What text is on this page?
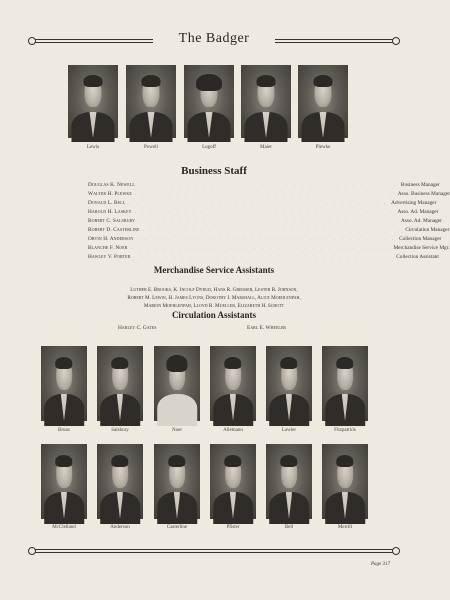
The Badger
Lewis	Powell	Lugoff	Maier	Plewke
Business Staff
Douglas K. Newell . . . . . . . . . . . . . . . . . . . . . . . . . . . . . . . . Business Manager
Walter H. Plewke . . . . . . . . . . . . . . . . . . . . . . . . . . . . . . . . Asso. Business Manager
Donald L. Bell . . . . . . . . . . . . . . . . . . . . . . . . . . . . . . . . Advertising Manager
Harold H. Laskey . . . . . . . . . . . . . . . . . . . . . . . . . . . . . . . . Asso. Ad. Manager
Robert C. Salsbury . . . . . . . . . . . . . . . . . . . . . . . . . . . . . . . . Asso. Ad. Manager
Robert D. Casterline . . . . . . . . . . . . . . . . . . . . . . . . . . . . . . . . Circulation Manager
Orvin H. Anderson . . . . . . . . . . . . . . . . . . . . . . . . . . . . . . . . Collection Manager
Blanche F. Noer . . . . . . . . . . . . . . . . . . . . . . . . . . . . . . . . Merchandise Service Mgr.
Hawley V. Porter . . . . . . . . . . . . . . . . . . . . . . . . . . . . . . . . Collection Assistant
Merchandise Service Assistants
Luther E. Brooks, K. Incolf Dyrud, Hans R. Griesser, Lester R. Johnson,
Robert M. Lewin, H. James Lyons, Dorothy I. Marshall, Alice Moehlenpah,
Marion Moehlenpah, Lloyd R. Mueller, Elizabeth H. Schott
Circulation Assistants
Harley C. Gates	Earl E. Wheeler
Bruns	Salsbury	Noer	Allemann	Lawler	Fitzpatrick
McClelland	Anderson	Casterline	Pfister	Bell	Merrill
Page 317
